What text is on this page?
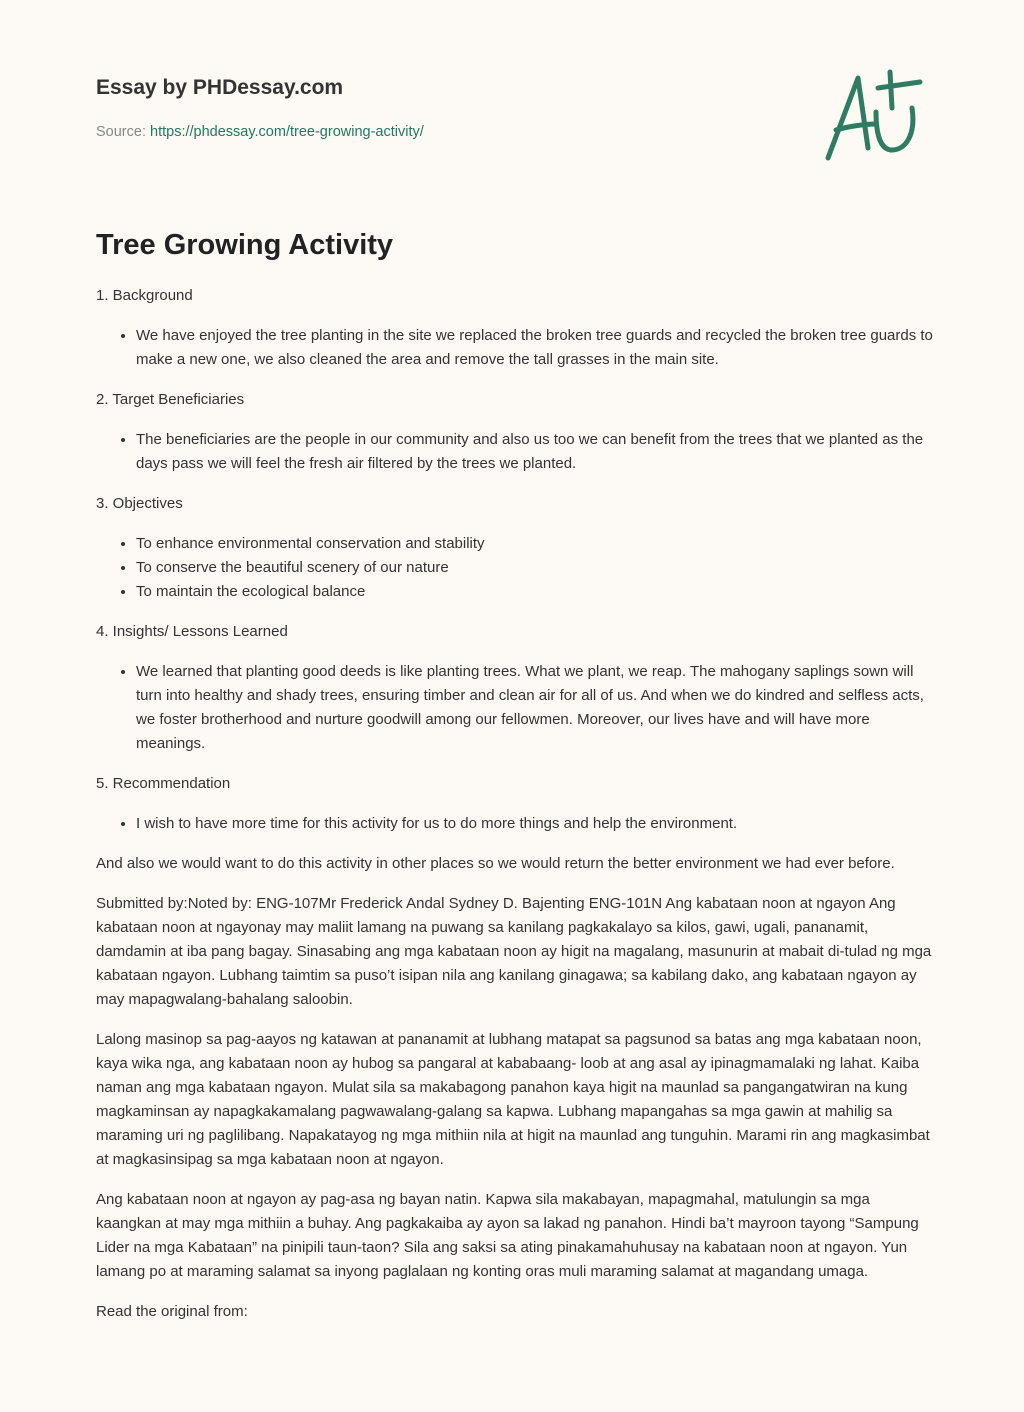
Essay by PHDessay.com
Source: https://phdessay.com/tree-growing-activity/
Tree Growing Activity

1. Background

• We have enjoyed the tree planting in the site we replaced the broken tree guards and recycled the broken tree guards to make a new one, we also cleaned the area and remove the tall grasses in the main site.

2. Target Beneficiaries

• The beneficiaries are the people in our community and also us too we can benefit from the trees that we planted as the days pass we will feel the fresh air filtered by the trees we planted.

3. Objectives

• To enhance environmental conservation and stability
• To conserve the beautiful scenery of our nature
• To maintain the ecological balance

4. Insights/ Lessons Learned

• We learned that planting good deeds is like planting trees. What we plant, we reap. The mahogany saplings sown will turn into healthy and shady trees, ensuring timber and clean air for all of us. And when we do kindred and selfless acts, we foster brotherhood and nurture goodwill among our fellowmen. Moreover, our lives have and will have more meanings.

5. Recommendation

• I wish to have more time for this activity for us to do more things and help the environment.

And also we would want to do this activity in other places so we would return the better environment we had ever before.

Submitted by:Noted by: ENG-107Mr Frederick Andal Sydney D. Bajenting ENG-101N Ang kabataan noon at ngayon Ang kabataan noon at ngayonay may maliit lamang na puwang sa kanilang pagkakalayo sa kilos, gawi, ugali, pananamit, damdamin at iba pang bagay. Sinasabing ang mga kabataan noon ay higit na magalang, masunurin at mabait di-tulad ng mga kabataan ngayon. Lubhang taimtim sa puso’t isipan nila ang kanilang ginagawa; sa kabilang dako, ang kabataan ngayon ay may mapagwalang-bahalang saloobin.

Lalong masinop sa pag-aayos ng katawan at pananamit at lubhang matapat sa pagsunod sa batas ang mga kabataan noon, kaya wika nga, ang kabataan noon ay hubog sa pangaral at kababaang- loob at ang asal ay ipinagmamalaki ng lahat. Kaiba naman ang mga kabataan ngayon. Mulat sila sa makabagong panahon kaya higit na maunlad sa pangangatwiran na kung magkaminsan ay napagkakamalang pagwawalang-galang sa kapwa. Lubhang mapangahas sa mga gawin at mahilig sa maraming uri ng paglilibang. Napakatayog ng mga mithiin nila at higit na maunlad ang tunguhin. Marami rin ang magkasimbat at magkasinsipag sa mga kabataan noon at ngayon.

Ang kabataan noon at ngayon ay pag-asa ng bayan natin. Kapwa sila makabayan, mapagmahal, matulungin sa mga kaangkan at may mga mithiin a buhay. Ang pagkakaiba ay ayon sa lakad ng panahon. Hindi ba’t mayroon tayong “Sampung Lider na mga Kabataan” na pinipili taun-taon? Sila ang saksi sa ating pinakamahuhusay na kabataan noon at ngayon. Yun lamang po at maraming salamat sa inyong paglalaan ng konting oras muli maraming salamat at magandang umaga.

Read the original from:
